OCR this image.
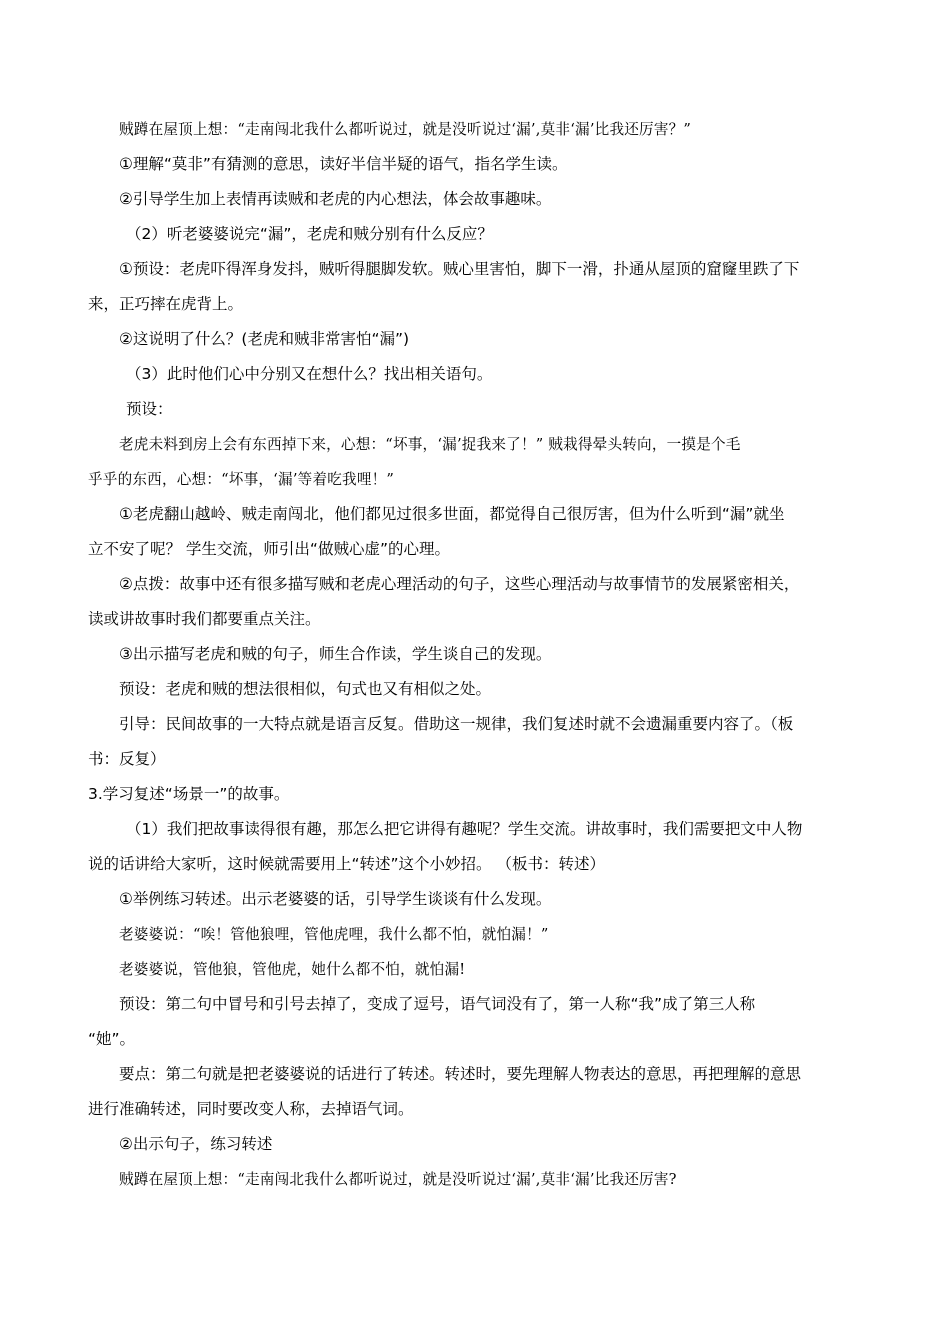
贼蹲在屋顶上想：“走南闯北我什么都听说过，就是没听说过‘漏’,莫非‘漏’比我还厉害？”

①理解“莫非”有猜测的意思，读好半信半疑的语气，指名学生读。

②引导学生加上表情再读贼和老虎的内心想法，体会故事趣味。

（2）听老婆婆说完“漏”，老虎和贼分别有什么反应？

①预设：老虎吓得浑身发抖，贼听得腿脚发软。贼心里害怕，脚下一滑，扑通从屋顶的窟窿里跌了下

来，正巧摔在虎背上。

②这说明了什么？(老虎和贼非常害怕“漏”)

（3）此时他们心中分别又在想什么？找出相关语句。

预设：

老虎未料到房上会有东西掉下来，心想：“坏事，‘漏’捉我来了！” 贼栽得晕头转向，一摸是个毛

乎乎的东西，心想：“坏事，‘漏’等着吃我哩！”

①老虎翻山越岭、贼走南闯北，他们都见过很多世面，都觉得自己很厉害，但为什么听到“漏”就坐

立不安了呢？ 学生交流，师引出“做贼心虚”的心理。

②点拨：故事中还有很多描写贼和老虎心理活动的句子，这些心理活动与故事情节的发展紧密相关，

读或讲故事时我们都要重点关注。

③出示描写老虎和贼的句子，师生合作读，学生谈自己的发现。

预设：老虎和贼的想法很相似，句式也又有相似之处。

引导：民间故事的一大特点就是语言反复。借助这一规律，我们复述时就不会遗漏重要内容了。（板

书：反复）

3.学习复述“场景一”的故事。

（1）我们把故事读得很有趣，那怎么把它讲得有趣呢？学生交流。讲故事时，我们需要把文中人物

说的话讲给大家听，这时候就需要用上“转述”这个小妙招。 （板书：转述）

①举例练习转述。出示老婆婆的话，引导学生谈谈有什么发现。

老婆婆说：“唉！管他狼哩，管他虎哩，我什么都不怕，就怕漏！”

老婆婆说，管他狼，管他虎，她什么都不怕，就怕漏!

预设：第二句中冒号和引号去掉了，变成了逗号，语气词没有了，第一人称“我”成了第三人称

“她”。

要点：第二句就是把老婆婆说的话进行了转述。转述时，要先理解人物表达的意思，再把理解的意思

进行准确转述，同时要改变人称，去掉语气词。

②出示句子，练习转述

贼蹲在屋顶上想：“走南闯北我什么都听说过，就是没听说过‘漏’,莫非‘漏’比我还厉害?
